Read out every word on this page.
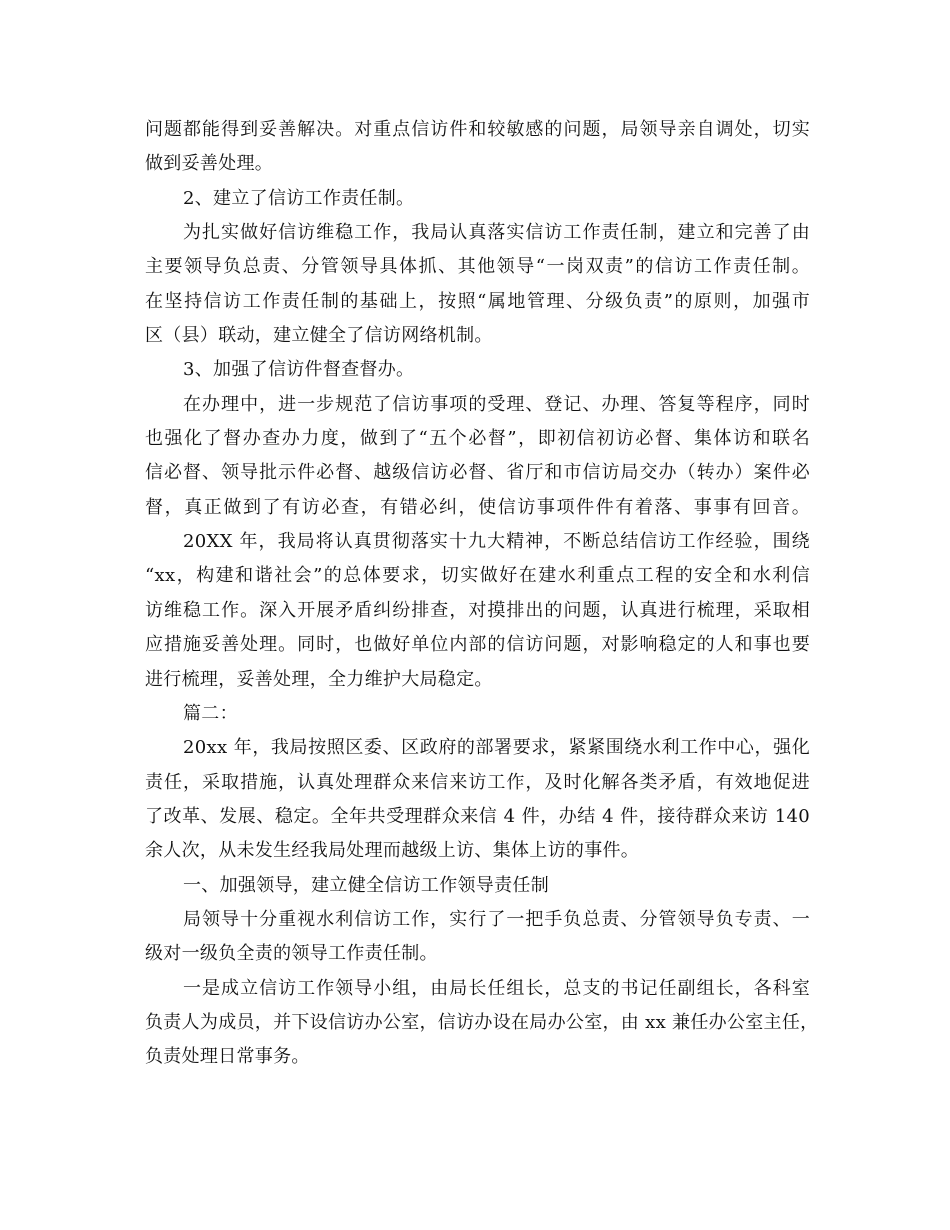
问题都能得到妥善解决。对重点信访件和较敏感的问题，局领导亲自调处，切实
做到妥善处理。
2、建立了信访工作责任制。
为扎实做好信访维稳工作，我局认真落实信访工作责任制，建立和完善了由
主要领导负总责、分管领导具体抓、其他领导“一岗双责”的信访工作责任制。
在坚持信访工作责任制的基础上，按照“属地管理、分级负责”的原则，加强市
区（县）联动，建立健全了信访网络机制。
3、加强了信访件督查督办。
在办理中，进一步规范了信访事项的受理、登记、办理、答复等程序，同时
也强化了督办查办力度，做到了“五个必督”，即初信初访必督、集体访和联名
信必督、领导批示件必督、越级信访必督、省厅和市信访局交办（转办）案件必
督，真正做到了有访必查，有错必纠，使信访事项件件有着落、事事有回音。
20XX 年，我局将认真贯彻落实十九大精神，不断总结信访工作经验，围绕
“xx，构建和谐社会”的总体要求，切实做好在建水利重点工程的安全和水利信
访维稳工作。深入开展矛盾纠纷排查，对摸排出的问题，认真进行梳理，采取相
应措施妥善处理。同时，也做好单位内部的信访问题，对影响稳定的人和事也要
进行梳理，妥善处理，全力维护大局稳定。
篇二：
20xx 年，我局按照区委、区政府的部署要求，紧紧围绕水利工作中心，强化
责任，采取措施，认真处理群众来信来访工作，及时化解各类矛盾，有效地促进
了改革、发展、稳定。全年共受理群众来信 4 件，办结 4 件，接待群众来访 140
余人次，从未发生经我局处理而越级上访、集体上访的事件。
一、加强领导，建立健全信访工作领导责任制
局领导十分重视水利信访工作，实行了一把手负总责、分管领导负专责、一
级对一级负全责的领导工作责任制。
一是成立信访工作领导小组，由局长任组长，总支的书记任副组长，各科室
负责人为成员，并下设信访办公室，信访办设在局办公室，由 xx 兼任办公室主任，
负责处理日常事务。
